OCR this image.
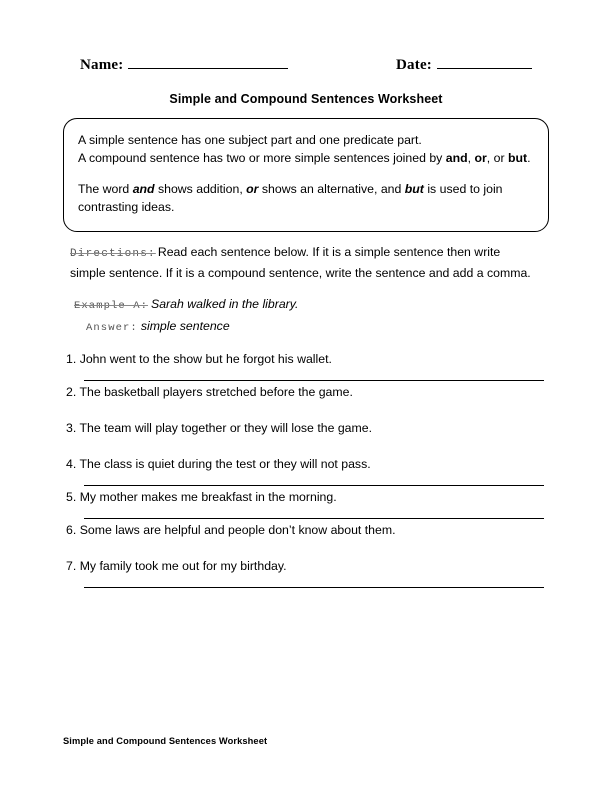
Name:	Date:
Simple and Compound Sentences Worksheet

A simple sentence has one subject part and one predicate part.

A compound sentence has two or more simple sentences joined by and, or, or but.

The word and shows addition, or shows an alternative, and but is used to join contrasting ideas.

Directions: Read each sentence below. If it is a simple sentence then write simple sentence. If it is a compound sentence, write the sentence and add a comma.
Example A: Sarah walked in the library.
Answer: simple sentence
1. John went to the show but he forgot his wallet.
2. The basketball players stretched before the game.
3. The team will play together or they will lose the game.
4. The class is quiet during the test or they will not pass.
5. My mother makes me breakfast in the morning.
6. Some laws are helpful and people don’t know about them.
7. My family took me out for my birthday.
Simple and Compound Sentences Worksheet
